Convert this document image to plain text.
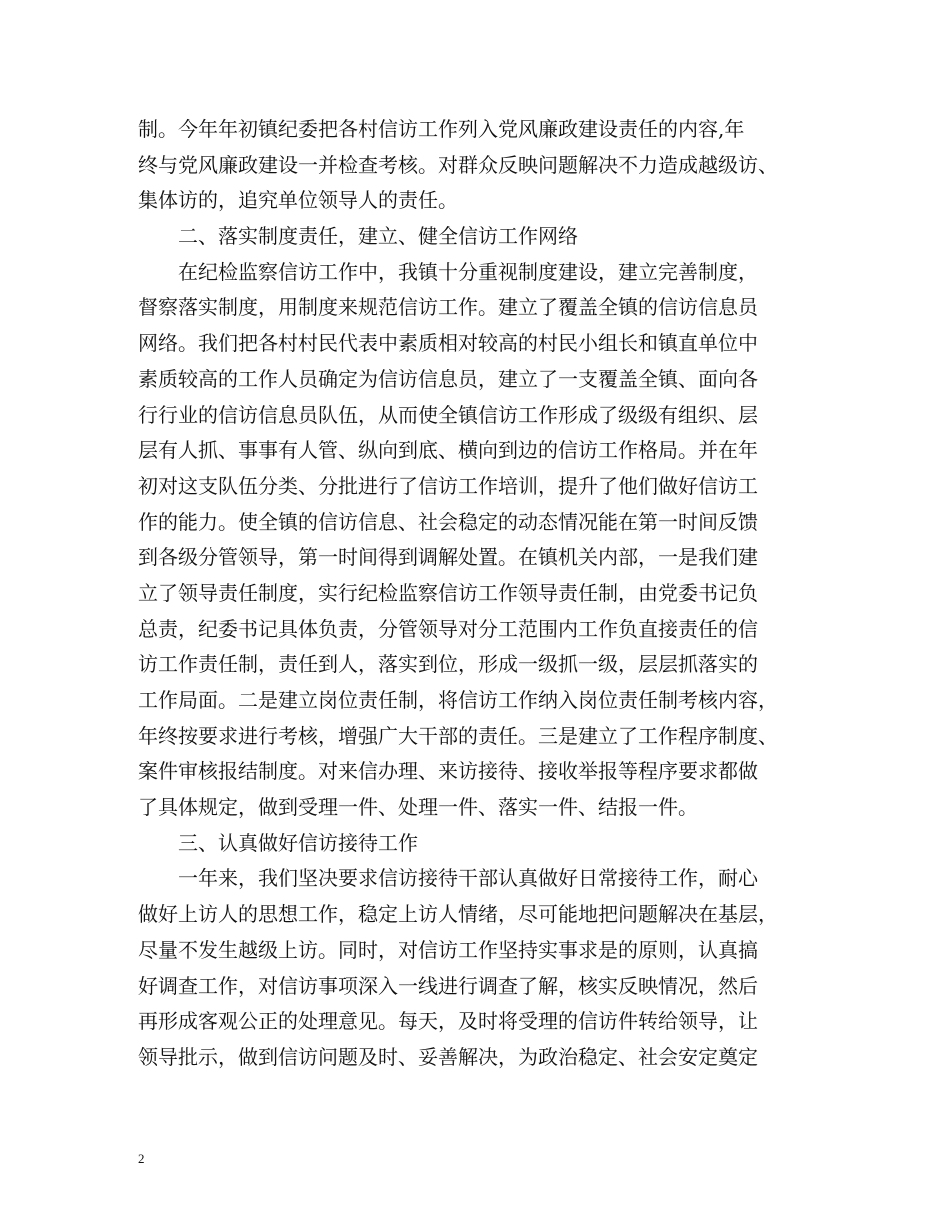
制。今年年初镇纪委把各村信访工作列入党风廉政建设责任的内容,年
终与党风廉政建设一并检查考核。对群众反映问题解决不力造成越级访、
集体访的，追究单位领导人的责任。
二、落实制度责任，建立、健全信访工作网络
在纪检监察信访工作中，我镇十分重视制度建设，建立完善制度，
督察落实制度，用制度来规范信访工作。建立了覆盖全镇的信访信息员
网络。我们把各村村民代表中素质相对较高的村民小组长和镇直单位中
素质较高的工作人员确定为信访信息员，建立了一支覆盖全镇、面向各
行行业的信访信息员队伍，从而使全镇信访工作形成了级级有组织、层
层有人抓、事事有人管、纵向到底、横向到边的信访工作格局。并在年
初对这支队伍分类、分批进行了信访工作培训，提升了他们做好信访工
作的能力。使全镇的信访信息、社会稳定的动态情况能在第一时间反馈
到各级分管领导，第一时间得到调解处置。在镇机关内部，一是我们建
立了领导责任制度，实行纪检监察信访工作领导责任制，由党委书记负
总责，纪委书记具体负责，分管领导对分工范围内工作负直接责任的信
访工作责任制，责任到人，落实到位，形成一级抓一级，层层抓落实的
工作局面。二是建立岗位责任制，将信访工作纳入岗位责任制考核内容，
年终按要求进行考核，增强广大干部的责任。三是建立了工作程序制度、
案件审核报结制度。对来信办理、来访接待、接收举报等程序要求都做
了具体规定，做到受理一件、处理一件、落实一件、结报一件。
三、认真做好信访接待工作
一年来，我们坚决要求信访接待干部认真做好日常接待工作，耐心
做好上访人的思想工作，稳定上访人情绪，尽可能地把问题解决在基层，
尽量不发生越级上访。同时，对信访工作坚持实事求是的原则，认真搞
好调查工作，对信访事项深入一线进行调查了解，核实反映情况，然后
再形成客观公正的处理意见。每天，及时将受理的信访件转给领导，让
领导批示，做到信访问题及时、妥善解决，为政治稳定、社会安定奠定
2
